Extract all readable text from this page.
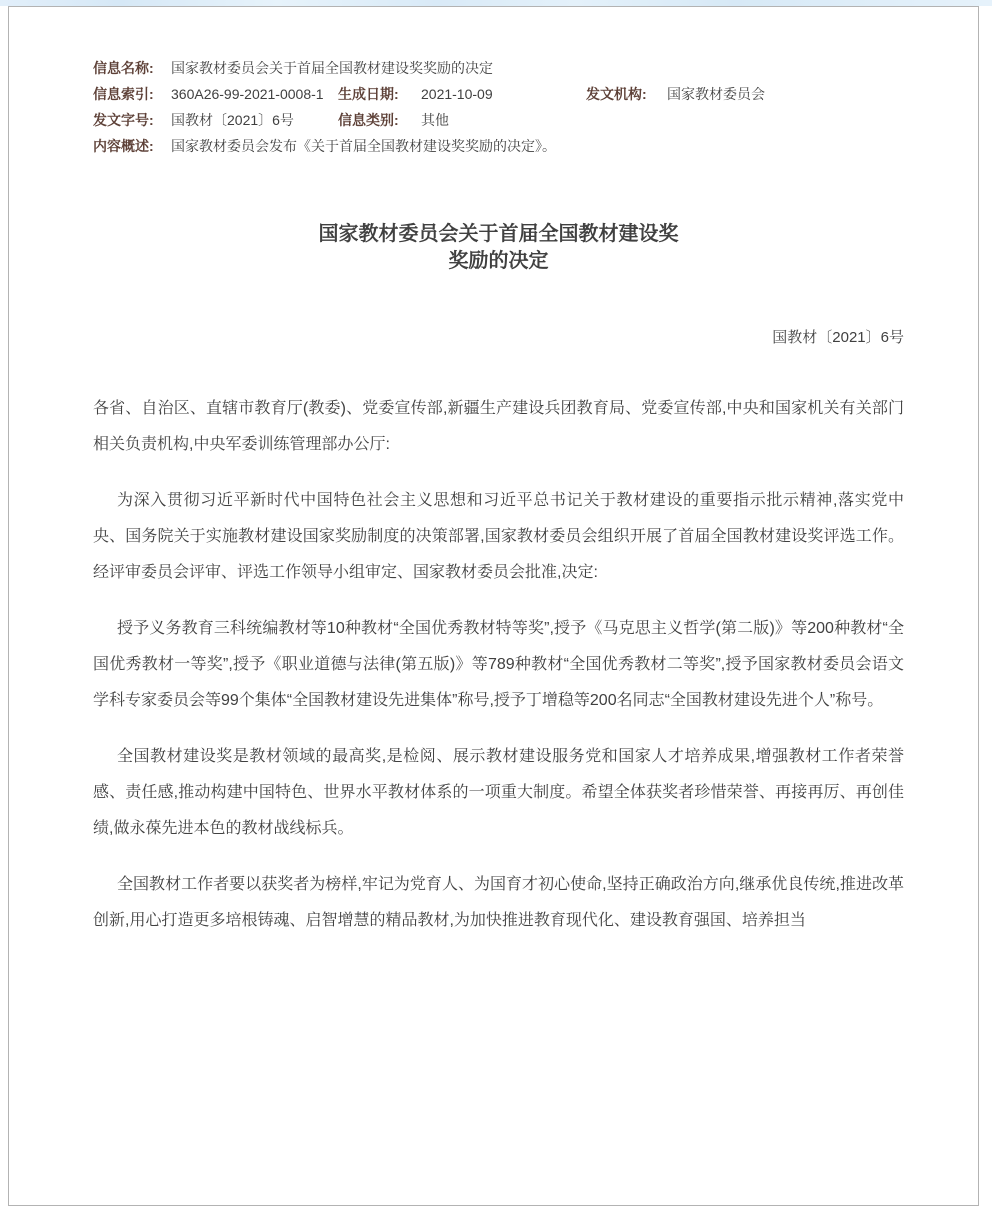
信息名称:	国家教材委员会关于首届全国教材建设奖奖励的决定
信息索引:	360A26-99-2021-0008-1	生成日期:	2021-10-09	发文机构:	国家教材委员会
发文字号:	国教材〔2021〕6号	信息类别:	其他
内容概述:	国家教材委员会发布《关于首届全国教材建设奖奖励的决定》。
国家教材委员会关于首届全国教材建设奖
奖励的决定
国教材〔2021〕6号

各省、自治区、直辖市教育厅(教委)、党委宣传部,新疆生产建设兵团教育局、党委宣传部,中央和国家机关有关部门相关负责机构,中央军委训练管理部办公厅:

为深入贯彻习近平新时代中国特色社会主义思想和习近平总书记关于教材建设的重要指示批示精神,落实党中央、国务院关于实施教材建设国家奖励制度的决策部署,国家教材委员会组织开展了首届全国教材建设奖评选工作。经评审委员会评审、评选工作领导小组审定、国家教材委员会批准,决定:

授予义务教育三科统编教材等10种教材“全国优秀教材特等奖”,授予《马克思主义哲学(第二版)》等200种教材“全国优秀教材一等奖”,授予《职业道德与法律(第五版)》等789种教材“全国优秀教材二等奖”,授予国家教材委员会语文学科专家委员会等99个集体“全国教材建设先进集体”称号,授予丁增稳等200名同志“全国教材建设先进个人”称号。

全国教材建设奖是教材领域的最高奖,是检阅、展示教材建设服务党和国家人才培养成果,增强教材工作者荣誉感、责任感,推动构建中国特色、世界水平教材体系的一项重大制度。希望全体获奖者珍惜荣誉、再接再厉、再创佳绩,做永葆先进本色的教材战线标兵。

全国教材工作者要以获奖者为榜样,牢记为党育人、为国育才初心使命,坚持正确政治方向,继承优良传统,推进改革创新,用心打造更多培根铸魂、启智增慧的精品教材,为加快推进教育现代化、建设教育强国、培养担当
